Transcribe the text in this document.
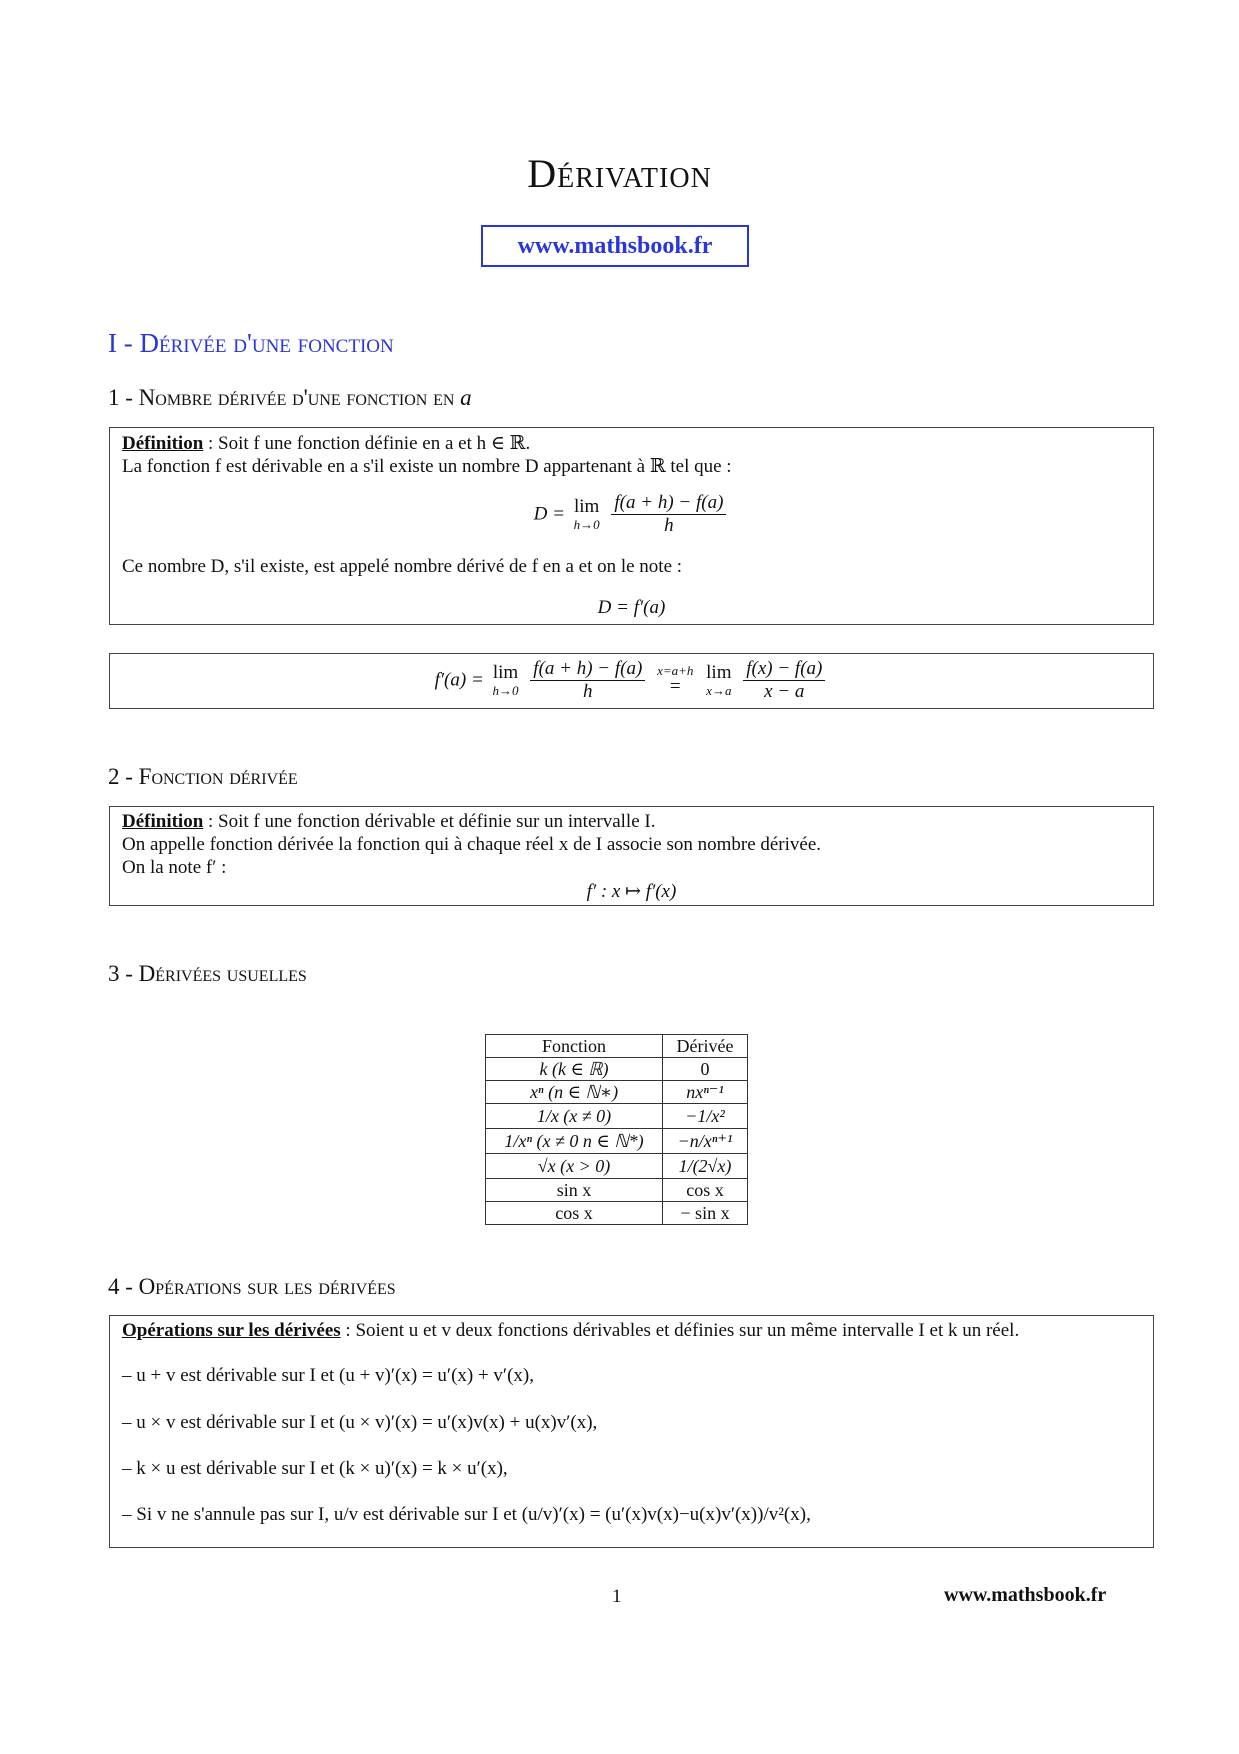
Dérivation
www.mathsbook.fr
I - Dérivée d'une fonction
1 - Nombre dérivée d'une fonction en a
Définition : Soit f une fonction définie en a et h ∈ ℝ.
La fonction f est dérivable en a s'il existe un nombre D appartenant à ℝ tel que :
D = lim
h→0
$\frac{f(a + h) - f(a)}{h}$
Ce nombre D, s'il existe, est appelé nombre dérivé de f en a et on le note :
D = f′(a)
f′(a) = lim
h→0
$\frac{f(a + h) - f(a)}{h}$
x=a+h
=

lim
x→a
$\frac{f(x) - f(a)}{x - a}$
2 - Fonction dérivée
Définition : Soit f une fonction dérivable et définie sur un intervalle I.
On appelle fonction dérivée la fonction qui à chaque réel x de I associe son nombre dérivée.
On la note f′ :
f′ : x ↦ f′(x)
3 - Dérivées usuelles
Fonction	Dérivée
k (k ∈ ℝ)	0
xⁿ (n ∈ ℕ∗)	nxⁿ⁻¹
1/x (x ≠ 0)	−1/x²
1/xⁿ (x ≠ 0 n ∈ ℕ*)	−n/xⁿ⁺¹
√x (x > 0)	1/(2√x)
sin x	cos x
cos x	− sin x
4 - Opérations sur les dérivées
Opérations sur les dérivées : Soient u et v deux fonctions dérivables et définies sur un même intervalle I et k un réel.
– u + v est dérivable sur I et (u + v)′(x) = u′(x) + v′(x),
– u × v est dérivable sur I et (u × v)′(x) = u′(x)v(x) + u(x)v′(x),
– k × u est dérivable sur I et (k × u)′(x) = k × u′(x),
– Si v ne s'annule pas sur I, u/v est dérivable sur I et (u/v)′(x) = (u′(x)v(x)−u(x)v′(x))/v²(x),
1	www.mathsbook.fr
